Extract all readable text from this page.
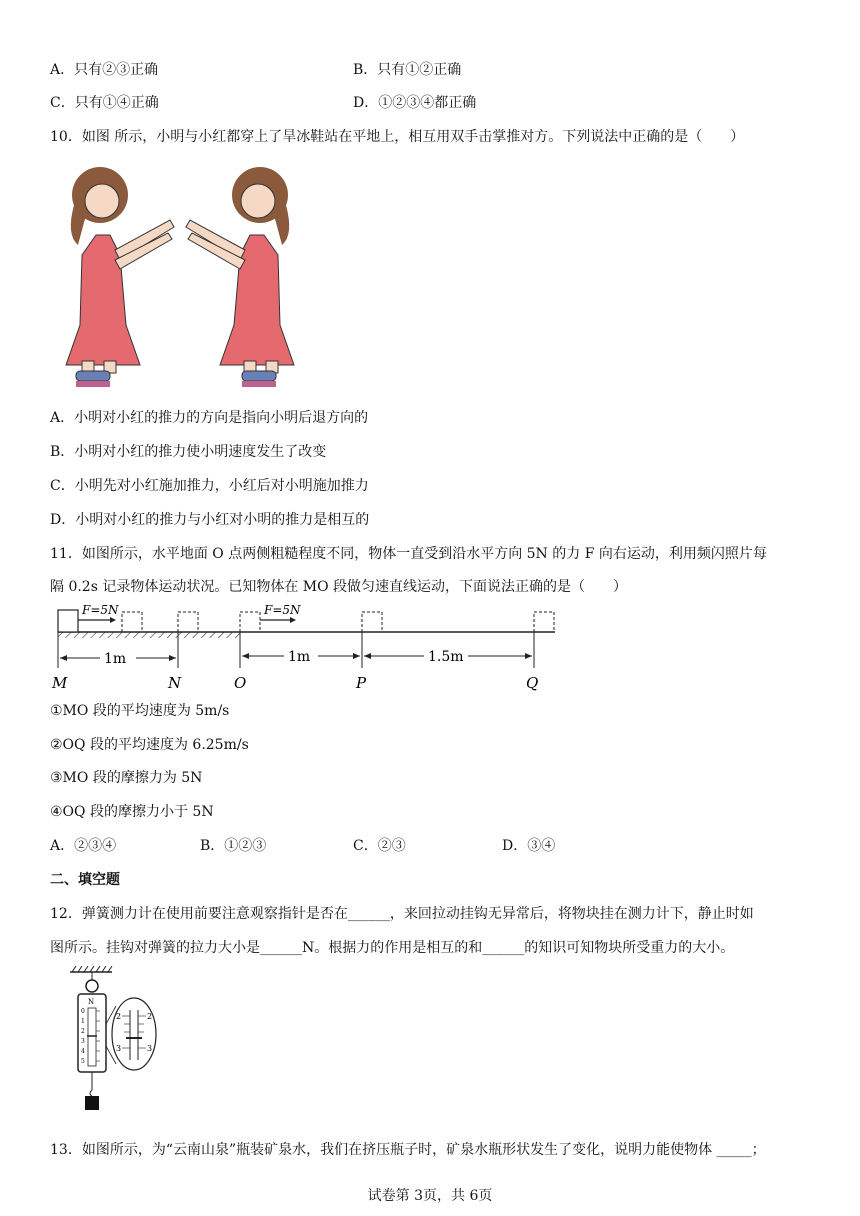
A．只有②③正确	B．只有①②正确
C．只有①④正确	D．①②③④都正确
10．如图 所示，小明与小红都穿上了旱冰鞋站在平地上，相互用双手击掌推对方。下列说法中正确的是（　　）
A．小明对小红的推力的方向是指向小明后退方向的
B．小明对小红的推力使小明速度发生了改变
C．小明先对小红施加推力，小红后对小明施加推力
D．小明对小红的推力与小红对小明的推力是相互的
11．如图所示，水平地面 O 点两侧粗糙程度不同，物体一直受到沿水平方向 5N 的力 F 向右运动，利用频闪照片每
隔 0.2s 记录物体运动状况。已知物体在 MO 段做匀速直线运动，下面说法正确的是（　　）
F=5N	F=5N
1m	1m	1.5m
M	N	O	P	Q
①MO 段的平均速度为 5m/s
②OQ 段的平均速度为 6.25m/s
③MO 段的摩擦力为 5N
④OQ 段的摩擦力小于 5N
A．②③④	B．①②③	C．②③	D．③④
二、填空题
12．弹簧测力计在使用前要注意观察指针是否在______，来回拉动挂钩无异常后，将物块挂在测力计下，静止时如
图所示。挂钩对弹簧的拉力大小是______N。根据力的作用是相互的和______的知识可知物块所受重力的大小。
N
0
1
2
3
4
5
2	2
3	3
13．如图所示，为“云南山泉”瓶装矿泉水，我们在挤压瓶子时，矿泉水瓶形状发生了变化，说明力能使物体 _____；
试卷第 3页，共 6页
